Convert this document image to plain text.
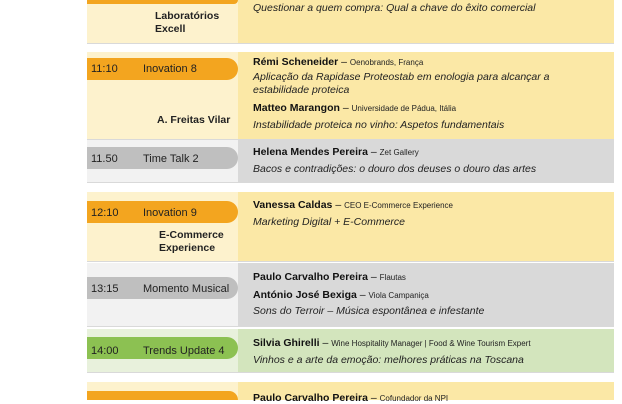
Laboratórios Excell
Questionar a quem compra: Qual a chave do êxito comercial
11:10 Inovation 8
A. Freitas Vilar
Rémi Scheneider – Oenobrands, França
Aplicação da Rapidase Proteostab em enologia para alcançar a estabilidade proteica
Matteo Marangon – Universidade de Pádua, Itália
Instabilidade proteica no vinho: Aspetos fundamentais
11.50 Time Talk 2
Helena Mendes Pereira – Zet Gallery
Bacos e contradições: o douro dos deuses o douro das artes
12:10 Inovation 9
E-Commerce Experience
Vanessa Caldas – CEO E-Commerce Experience
Marketing Digital + E-Commerce
13:15 Momento Musical
Paulo Carvalho Pereira – Flautas
António José Bexiga – Viola Campaniça
Sons do Terroir – Música espontânea e infestante
14:00 Trends Update 4
Silvia Ghirelli – Wine Hospitality Manager | Food & Wine Tourism Expert
Vinhos e a arte da emoção: melhores práticas na Toscana
Paulo Carvalho Pereira – Cofundador da NPI
